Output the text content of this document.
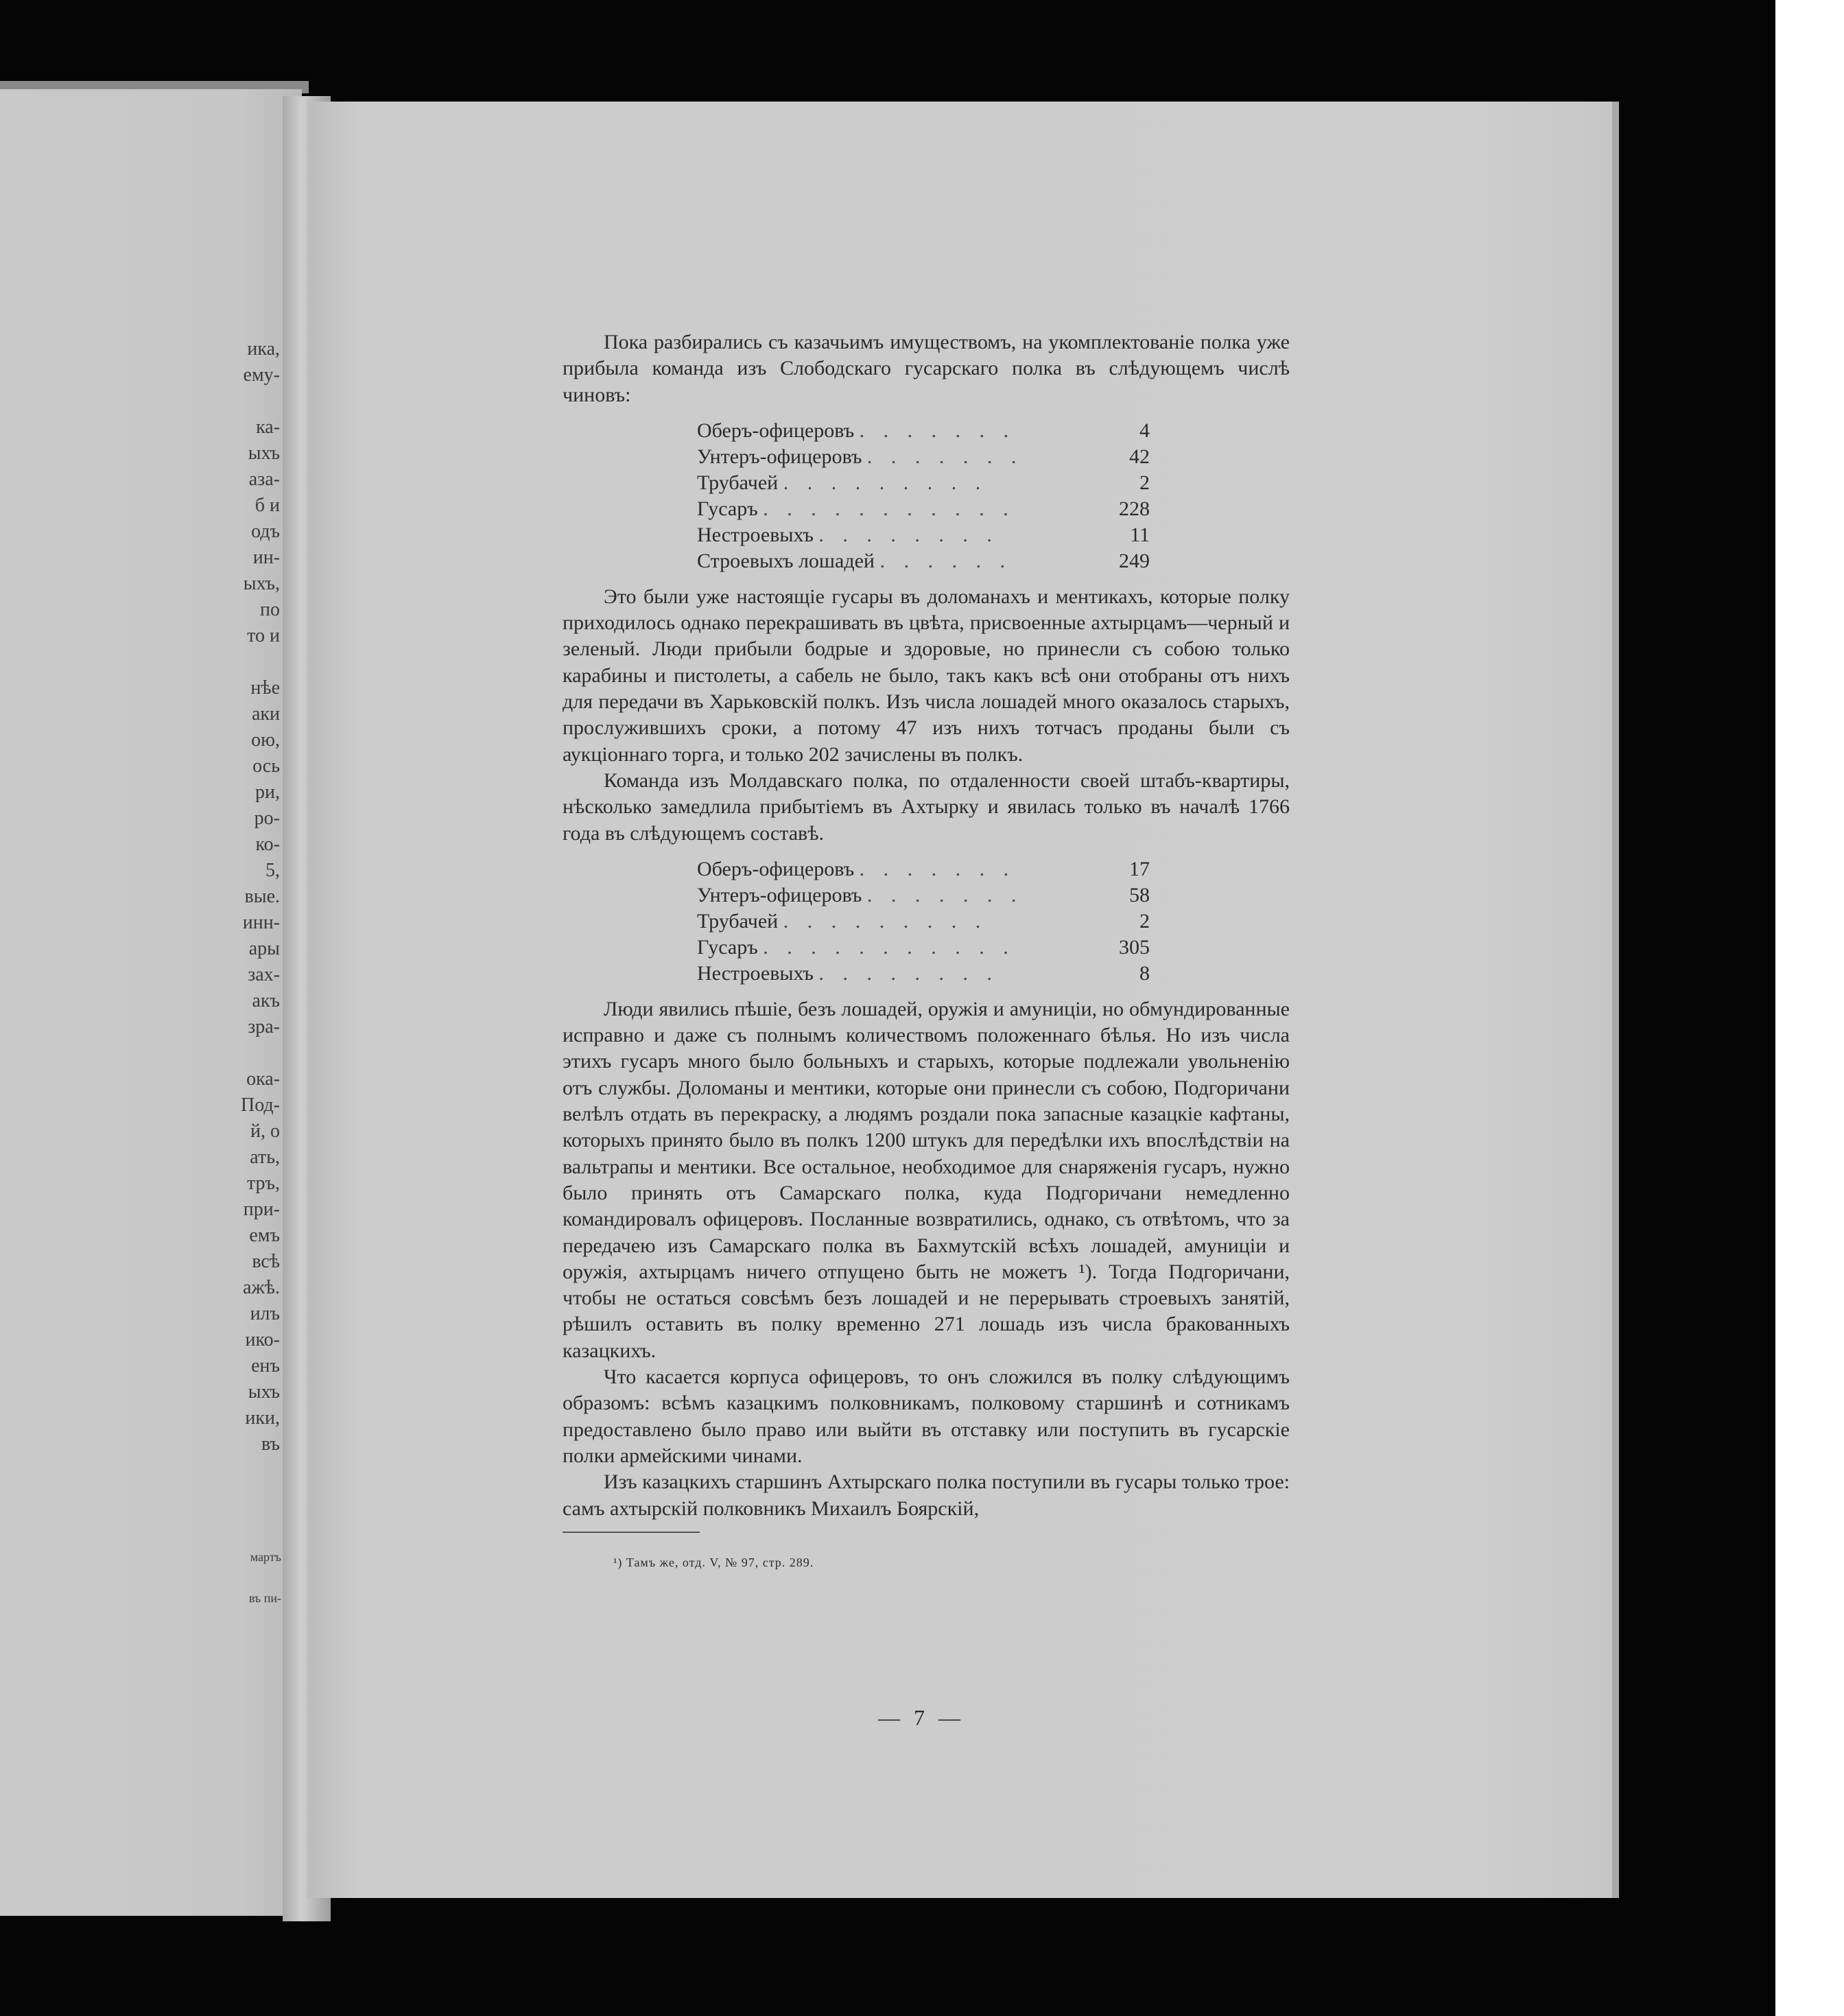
ика,
ему-
ка-
ыхъ
аза-
б и
одъ
ин-
ыхъ,
по
то и
нѣе
аки
ою,
ось
ри,
ро-
ко-
5,
вые.
инн-
ары
зах-
акъ
зра-
ока-
Под-
й, о
ать,
тръ,
при-
емъ
всѣ
ажѣ.
илъ
ико-
енъ
ыхъ
ики,
въ
мартъ
въ пи-

Пока разбирались съ казачьимъ имуществомъ, на укомплектованіе полка уже прибыла команда изъ Слободскаго гусарскаго полка въ слѣдующемъ числѣ чиновъ:

Оберъ-офицеровъ . . . . . . .	4
Унтеръ-офицеровъ . . . . . . .	42
Трубачей . . . . . . . . .	2
Гусаръ . . . . . . . . . . .	228
Нестроевыхъ . . . . . . . .	11
Строевыхъ лошадей . . . . . .	249

Это были уже настоящіе гусары въ доломанахъ и ментикахъ, которые полку приходилось однако перекрашивать въ цвѣта, присвоенные ахтырцамъ—черный и зеленый. Люди прибыли бодрые и здоровые, но принесли съ собою только карабины и пистолеты, а сабель не было, такъ какъ всѣ они отобраны отъ нихъ для передачи въ Харьковскій полкъ. Изъ числа лошадей много оказалось старыхъ, прослужившихъ сроки, а потому 47 изъ нихъ тотчасъ проданы были съ аукціоннаго торга, и только 202 зачислены въ полкъ.

Команда изъ Молдавскаго полка, по отдаленности своей штабъ-квартиры, нѣсколько замедлила прибытіемъ въ Ахтырку и явилась только въ началѣ 1766 года въ слѣдующемъ составѣ.

Оберъ-офицеровъ . . . . . . .	17
Унтеръ-офицеровъ . . . . . . .	58
Трубачей . . . . . . . . .	2
Гусаръ . . . . . . . . . . .	305
Нестроевыхъ . . . . . . . .	8

Люди явились пѣшіе, безъ лошадей, оружія и амуниціи, но обмундированные исправно и даже съ полнымъ количествомъ положеннаго бѣлья. Но изъ числа этихъ гусаръ много было больныхъ и старыхъ, которые подлежали увольненію отъ службы. Доломаны и ментики, которые они принесли съ собою, Подгоричани велѣлъ отдать въ перекраску, а людямъ роздали пока запасные казацкіе кафтаны, которыхъ принято было въ полкъ 1200 штукъ для передѣлки ихъ впослѣдствіи на вальтрапы и ментики. Все остальное, необходимое для снаряженія гусаръ, нужно было принять отъ Самарскаго полка, куда Подгоричани немедленно командировалъ офицеровъ. Посланные возвратились, однако, съ отвѣтомъ, что за передачею изъ Самарскаго полка въ Бахмутскій всѣхъ лошадей, амуниціи и оружія, ахтырцамъ ничего отпущено быть не можетъ ¹). Тогда Подгоричани, чтобы не остаться совсѣмъ безъ лошадей и не перерывать строевыхъ занятій, рѣшилъ оставить въ полку временно 271 лошадь изъ числа бракованныхъ казацкихъ.

Что касается корпуса офицеровъ, то онъ сложился въ полку слѣдующимъ образомъ: всѣмъ казацкимъ полковникамъ, полковому старшинѣ и сотникамъ предоставлено было право или выйти въ отставку или поступить въ гусарскіе полки армейскими чинами.

Изъ казацкихъ старшинъ Ахтырскаго полка поступили въ гусары только трое: самъ ахтырскій полковникъ Михаилъ Боярскій,

¹) Тамъ же, отд. V, № 97, стр. 289.
— 7 —
